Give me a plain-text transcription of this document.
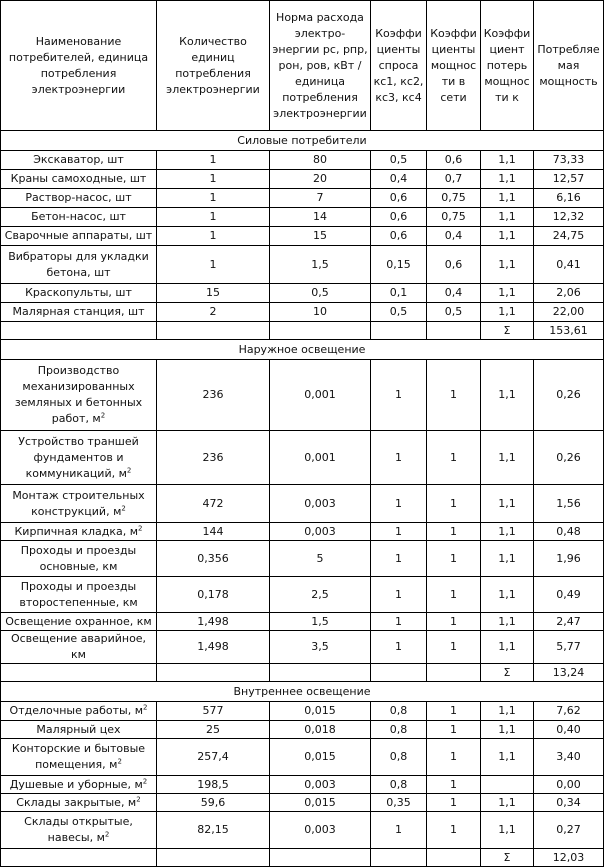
Наименование потребителей, единица потребления электроэнергии	Количество единиц потребления электроэнергии	Норма расхода электро-энергии рс, pпр, рон, ров, кВт / единица потребления электроэнергии	Коэффициенты спроса кс1, кс2, кс3, кс4	Коэффициенты мощности в сети	Коэффициент потерь мощности к	Потребляемая мощность
Силовые потребители						
Экскаватор, шт	1	80	0,5	0,6	1,1	73,33
Краны самоходные, шт	1	20	0,4	0,7	1,1	12,57
Раствор-насос, шт	1	7	0,6	0,75	1,1	6,16
Бетон-насос, шт	1	14	0,6	0,75	1,1	12,32
Сварочные аппараты, шт	1	15	0,6	0,4	1,1	24,75
Вибраторы для укладки бетона, шт	1	1,5	0,15	0,6	1,1	0,41
Краскопульты, шт	15	0,5	0,1	0,4	1,1	2,06
Малярная станция, шт	2	10	0,5	0,5	1,1	22,00
					Σ	153,61
Наружное освещение						
Производство механизированных земляных и бетонных работ, $м^2$	236	0,001	1	1	1,1	0,26
Устройство траншей фундаментов и коммуникаций, $м^2$	236	0,001	1	1	1,1	0,26
Монтаж строительных конструкций, $м^2$	472	0,003	1	1	1,1	1,56
Кирпичная кладка, $м^2$	144	0,003	1	1	1,1	0,48
Проходы и проезды основные, км	0,356	5	1	1	1,1	1,96
Проходы и проезды второстепенные, км	0,178	2,5	1	1	1,1	0,49
Освещение охранное, км	1,498	1,5	1	1	1,1	2,47
Освещение аварийное, км	1,498	3,5	1	1	1,1	5,77
					Σ	13,24
Внутреннее освещение						
Отделочные работы, $м^2$	577	0,015	0,8	1	1,1	7,62
Малярный цех	25	0,018	0,8	1	1,1	0,40
Конторские и бытовые помещения, $м^2$	257,4	0,015	0,8	1	1,1	3,40
Душевые и уборные, $м^2$	198,5	0,003	0,8	1		0,00
Склады закрытые, $м^2$	59,6	0,015	0,35	1	1,1	0,34
Склады открытые, навесы, $м^2$	82,15	0,003	1	1	1,1	0,27
					Σ	12,03
